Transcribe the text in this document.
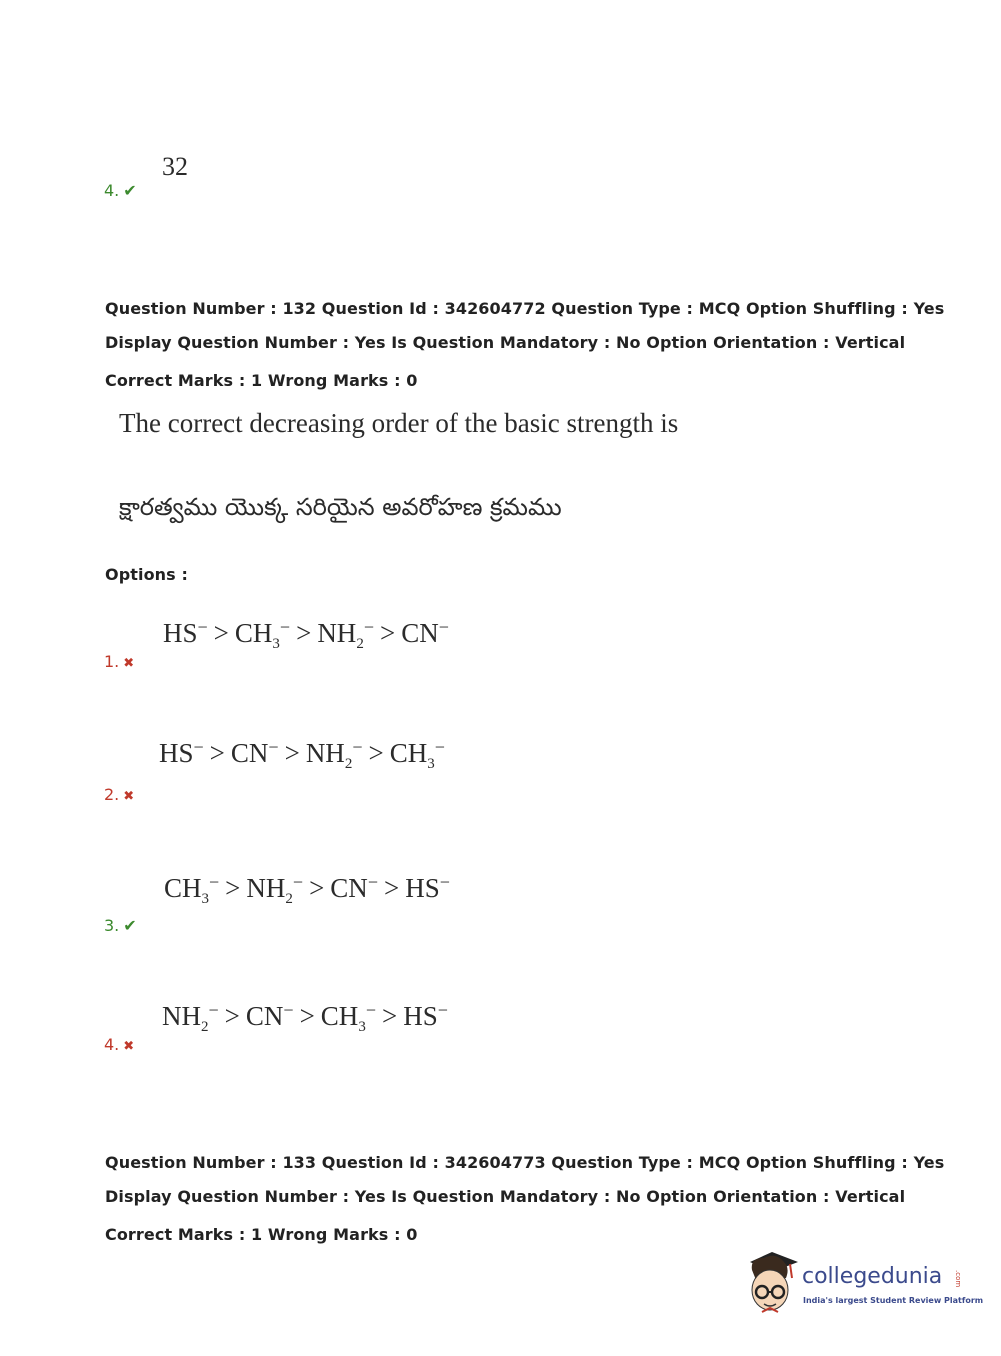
32
4. ✔
Question Number : 132 Question Id : 342604772 Question Type : MCQ Option Shuffling : Yes
Display Question Number : Yes Is Question Mandatory : No Option Orientation : Vertical
Correct Marks : 1 Wrong Marks : 0
The correct decreasing order of the basic strength is
క్షారత్వము యొక్క సరియైన అవరోహణ క్రమము
Options :
$HS^- > CH_3^- > NH_2^- > CN^-$
1. ✖
$HS^- > CN^- > NH_2^- > CH_3^-$
2. ✖
$CH_3^- > NH_2^- > CN^- > HS^-$
3. ✔
$NH_2^- > CN^- > CH_3^- > HS^-$
4. ✖
Question Number : 133 Question Id : 342604773 Question Type : MCQ Option Shuffling : Yes
Display Question Number : Yes Is Question Mandatory : No Option Orientation : Vertical
Correct Marks : 1 Wrong Marks : 0
collegedunia .com
India's largest Student Review Platform
